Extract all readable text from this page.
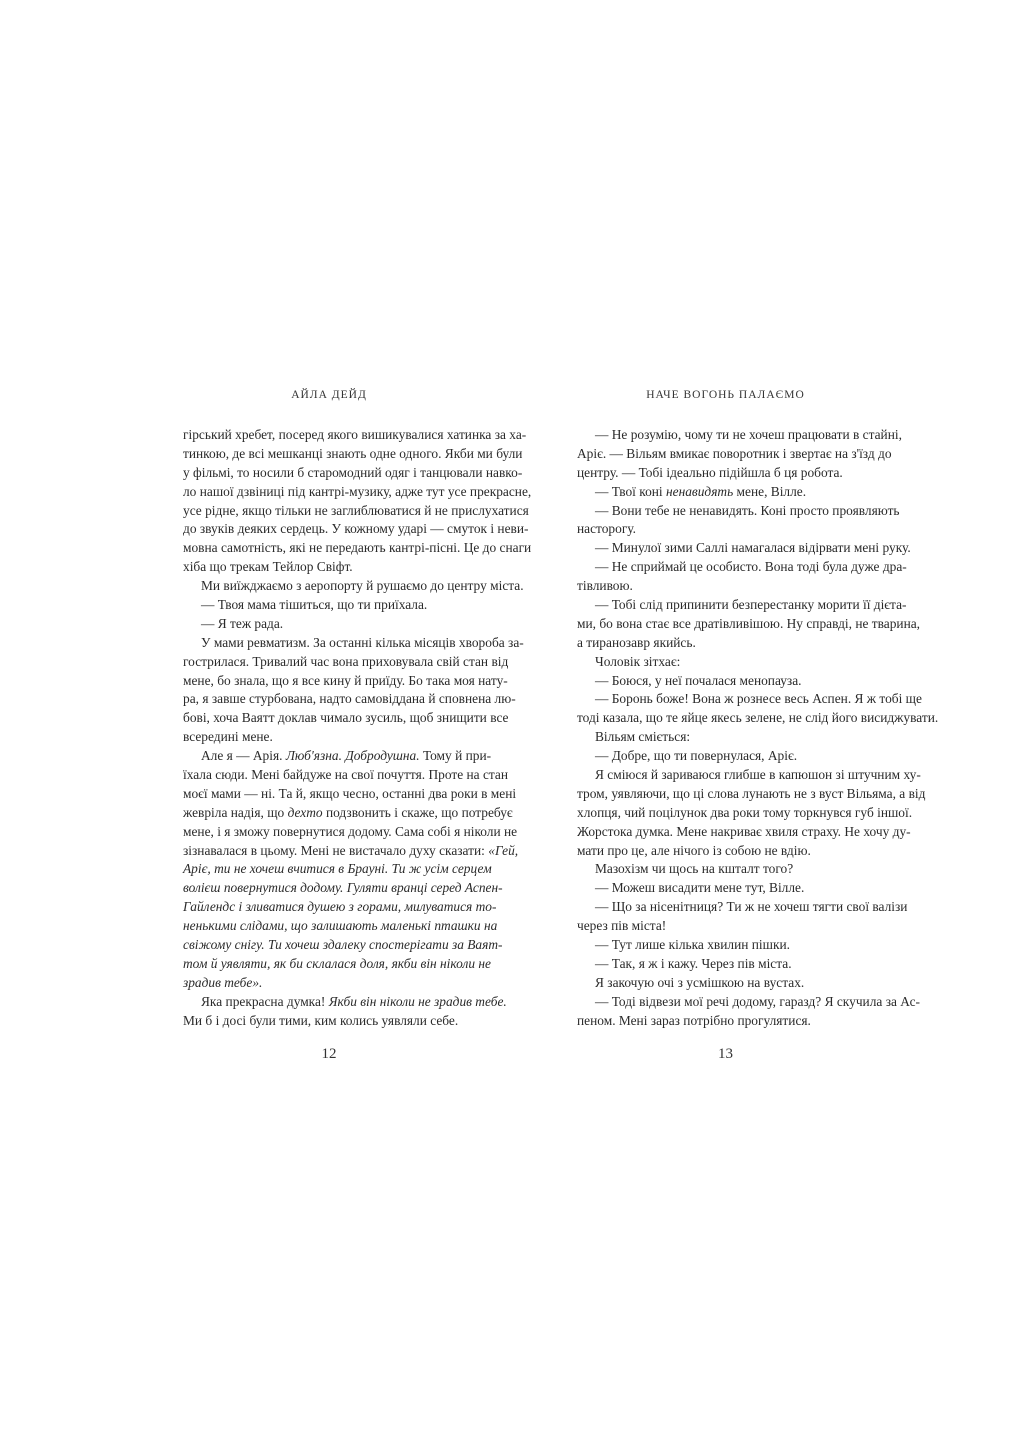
АЙЛА ДЕЙД
гірський хребет, посеред якого вишикувалися хатинка за ха-
тинкою, де всі мешканці знають одне одного. Якби ми були
у фільмі, то носили б старомодний одяг і танцювали навко-
ло нашої дзвіниці під кантрі-музику, адже тут усе прекрасне,
усе рідне, якщо тільки не заглиблюватися й не прислухатися
до звуків деяких сердець. У кожному ударі — смуток і неви-
мовна самотність, які не передають кантрі-пісні. Це до снаги
хіба що трекам Тейлор Свіфт.
Ми виїжджаємо з аеропорту й рушаємо до центру міста.
— Твоя мама тішиться, що ти приїхала.
— Я теж рада.
У мами ревматизм. За останні кілька місяців хвороба за-
гострилася. Тривалий час вона приховувала свій стан від
мене, бо знала, що я все кину й приїду. Бо така моя нату-
ра, я завше стурбована, надто самовіддана й сповнена лю-
бові, хоча Ваятт доклав чимало зусиль, щоб знищити все
всередині мене.
Але я — Арія. Люб'язна. Добродушна. Тому й при-
їхала сюди. Мені байдуже на свої почуття. Проте на стан
моєї мами — ні. Та й, якщо чесно, останні два роки в мені
жевріла надія, що дехто подзвонить і скаже, що потребує
мене, і я зможу повернутися додому. Сама собі я ніколи не
зізнавалася в цьому. Мені не вистачало духу сказати: «Гей,
Аріє, ти не хочеш вчитися в Брауні. Ти ж усім серцем
волієш повернутися додому. Гуляти вранці серед Аспен-
Гайлендс і зливатися душею з горами, милуватися то-
ненькими слідами, що залишають маленькі пташки на
свіжому снігу. Ти хочеш здалеку спостерігати за Ваят-
том й уявляти, як би склалася доля, якби він ніколи не
зрадив тебе».
Яка прекрасна думка! Якби він ніколи не зрадив тебе.
Ми б і досі були тими, ким колись уявляли себе.
12
НАЧЕ ВОГОНЬ ПАЛАЄМО
— Не розумію, чому ти не хочеш працювати в стайні,
Аріє. — Вільям вмикає поворотник і звертає на з'їзд до
центру. — Тобі ідеально підійшла б ця робота.
— Твої коні ненавидять мене, Вілле.
— Вони тебе не ненавидять. Коні просто проявляють
насторогу.
— Минулої зими Саллі намагалася відірвати мені руку.
— Не сприймай це особисто. Вона тоді була дуже дра-
тівливою.
— Тобі слід припинити безперестанку морити її дієта-
ми, бо вона стає все дратівливішою. Ну справді, не тварина,
а тиранозавр якийсь.
Чоловік зітхає:
— Боюся, у неї почалася менопауза.
— Боронь боже! Вона ж рознесе весь Аспен. Я ж тобі ще
тоді казала, що те яйце якесь зелене, не слід його висиджувати.
Вільям сміється:
— Добре, що ти повернулася, Аріє.
Я сміюся й зариваюся глибше в капюшон зі штучним ху-
тром, уявляючи, що ці слова лунають не з вуст Вільяма, а від
хлопця, чий поцілунок два роки тому торкнувся губ іншої.
Жорстока думка. Мене накриває хвиля страху. Не хочу ду-
мати про це, але нічого із собою не вдію.
Мазохізм чи щось на кшталт того?
— Можеш висадити мене тут, Вілле.
— Що за нісенітниця? Ти ж не хочеш тягти свої валізи
через пів міста!
— Тут лише кілька хвилин пішки.
— Так, я ж і кажу. Через пів міста.
Я закочую очі з усмішкою на вустах.
— Тоді відвези мої речі додому, гаразд? Я скучила за Ас-
пеном. Мені зараз потрібно прогулятися.
13
